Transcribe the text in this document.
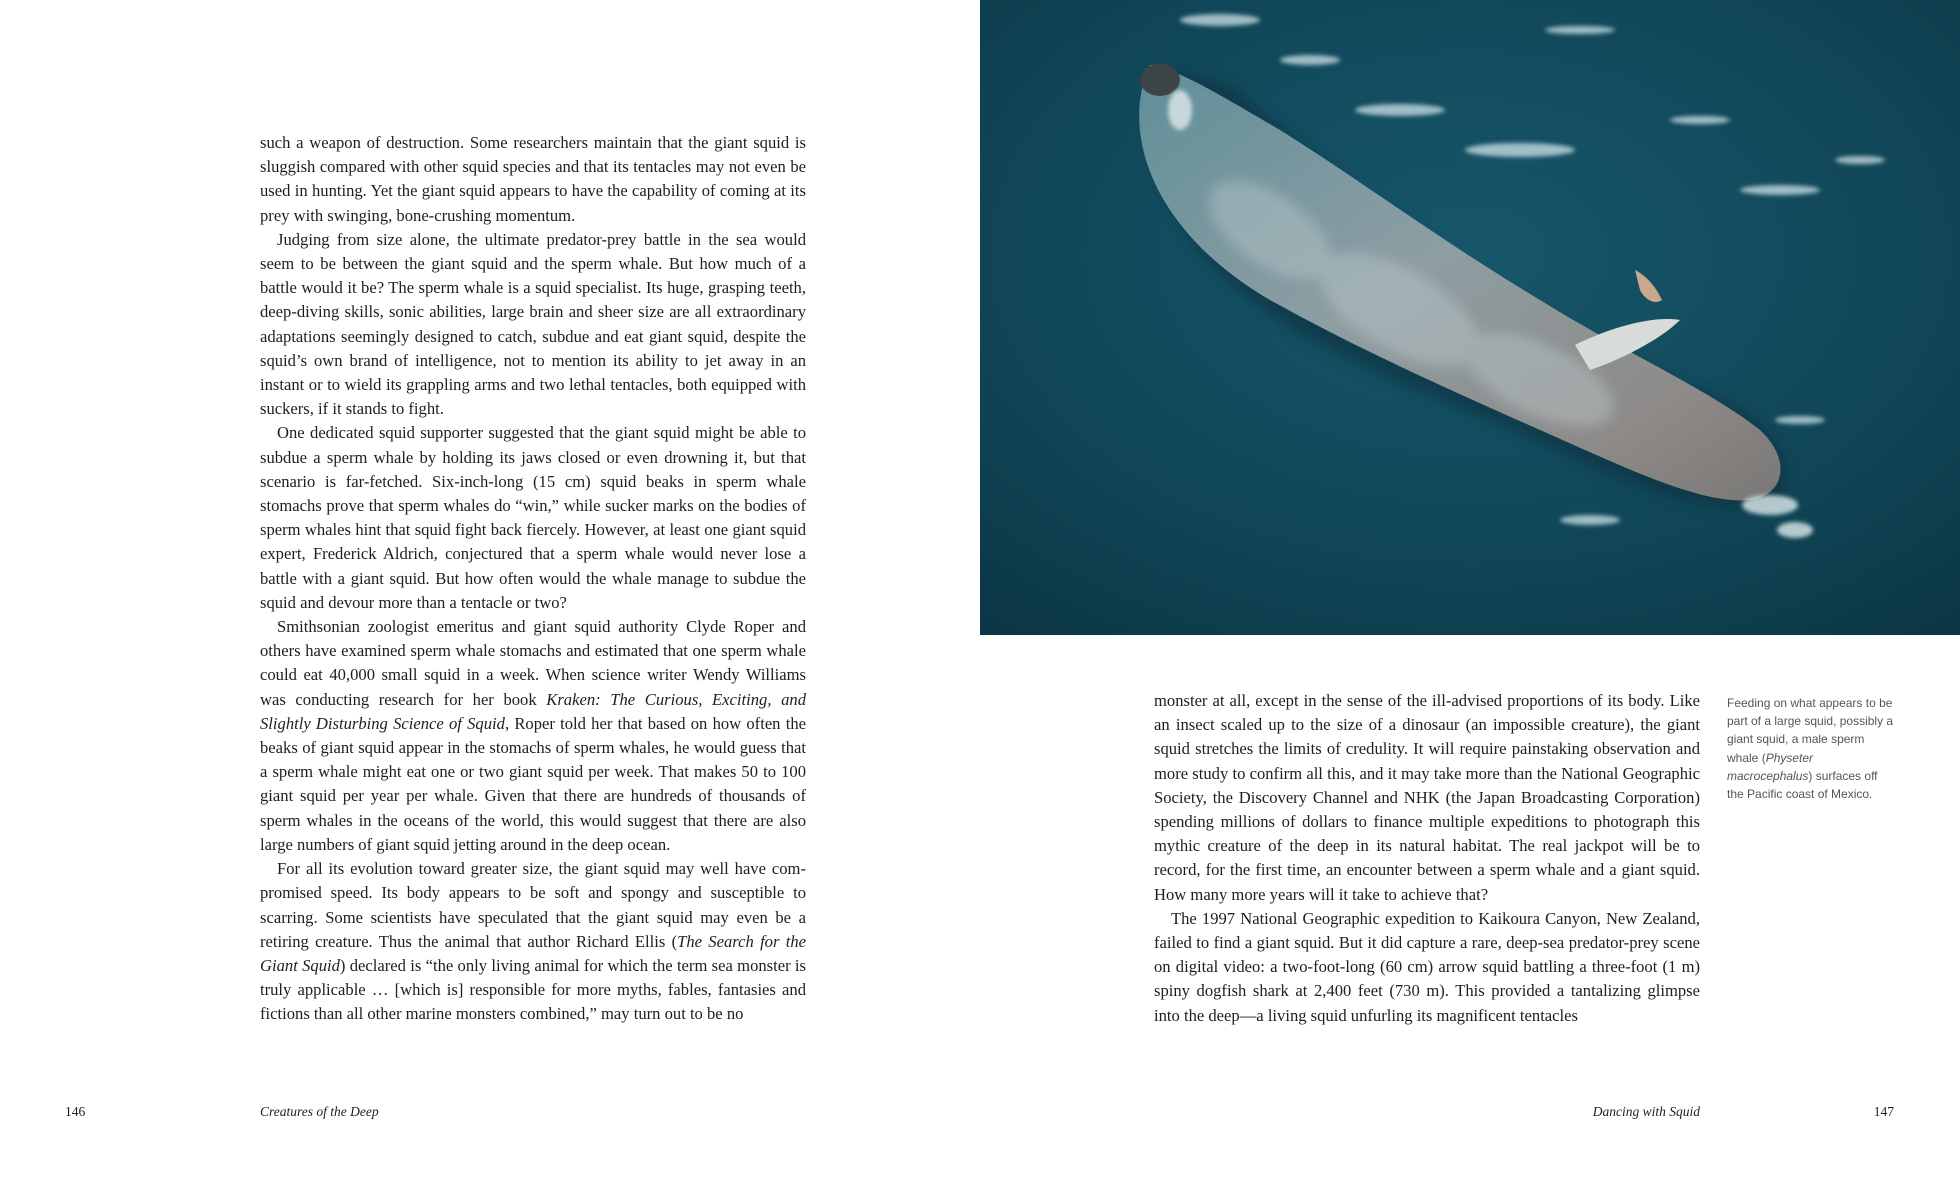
such a weapon of destruction. Some researchers maintain that the giant squid is sluggish compared with other squid species and that its tentacles may not even be used in hunting. Yet the giant squid appears to have the capability of coming at its prey with swinging, bone-crushing momentum.

Judging from size alone, the ultimate predator-prey battle in the sea would seem to be between the giant squid and the sperm whale. But how much of a battle would it be? The sperm whale is a squid specialist. Its huge, grasping teeth, deep-diving skills, sonic abilities, large brain and sheer size are all extraordinary adaptations seemingly designed to catch, subdue and eat giant squid, despite the squid’s own brand of intelligence, not to mention its ability to jet away in an instant or to wield its grappling arms and two lethal tentacles, both equipped with suckers, if it stands to fight.

One dedicated squid supporter suggested that the giant squid might be able to subdue a sperm whale by holding its jaws closed or even drowning it, but that scenario is far-fetched. Six-inch-long (15 cm) squid beaks in sperm whale stomachs prove that sperm whales do “win,” while sucker marks on the bodies of sperm whales hint that squid fight back fiercely. However, at least one giant squid expert, Frederick Aldrich, conjectured that a sperm whale would never lose a battle with a giant squid. But how often would the whale manage to subdue the squid and devour more than a tentacle or two?

Smithsonian zoologist emeritus and giant squid authority Clyde Roper and others have examined sperm whale stomachs and estimated that one sperm whale could eat 40,000 small squid in a week. When science writer Wendy Williams was conducting research for her book Kraken: The Curious, Exciting, and Slightly Disturbing Science of Squid, Roper told her that based on how often the beaks of giant squid appear in the stomachs of sperm whales, he would guess that a sperm whale might eat one or two giant squid per week. That makes 50 to 100 giant squid per year per whale. Given that there are hundreds of thousands of sperm whales in the oceans of the world, this would suggest that there are also large numbers of giant squid jetting around in the deep ocean.

For all its evolution toward greater size, the giant squid may well have compromised speed. Its body appears to be soft and spongy and susceptible to scarring. Some scientists have speculated that the giant squid may even be a retiring creature. Thus the animal that author Richard Ellis (The Search for the Giant Squid) declared is “the only living animal for which the term sea monster is truly applicable … [which is] responsible for more myths, fables, fantasies and fictions than all other marine monsters combined,” may turn out to be no

monster at all, except in the sense of the ill-advised proportions of its body. Like an insect scaled up to the size of a dinosaur (an impossible creature), the giant squid stretches the limits of credulity. It will require painstaking observation and more study to confirm all this, and it may take more than the National Geographic Society, the Discovery Channel and NHK (the Japan Broadcasting Corporation) spending millions of dollars to finance multiple expeditions to photograph this mythic creature of the deep in its natural habitat. The real jackpot will be to record, for the first time, an encounter between a sperm whale and a giant squid. How many more years will it take to achieve that?

The 1997 National Geographic expedition to Kaikoura Canyon, New Zealand, failed to find a giant squid. But it did capture a rare, deep-sea predator-prey scene on digital video: a two-foot-long (60 cm) arrow squid battling a three-foot (1 m) spiny dogfish shark at 2,400 feet (730 m). This provided a tantalizing glimpse into the deep—a living squid unfurling its magnificent tentacles

Feeding on what appears to be part of a large squid, possibly a giant squid, a male sperm whale (Physeter macrocephalus) surfaces off the Pacific coast of Mexico.

146	Creatures of the Deep	Dancing with Squid	147
